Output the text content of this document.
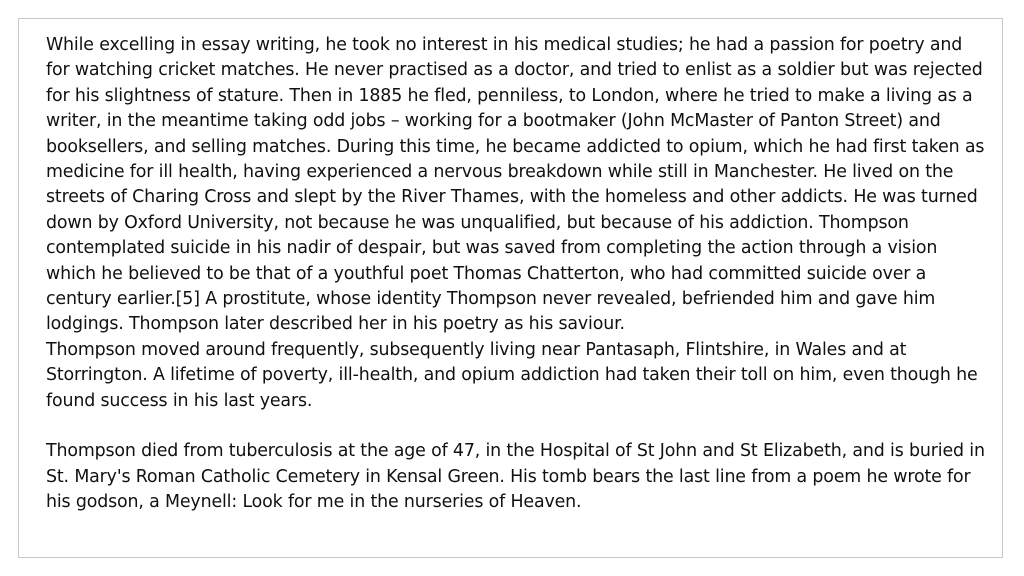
While excelling in essay writing, he took no interest in his medical studies; he had a passion for poetry and for watching cricket matches. He never practised as a doctor, and tried to enlist as a soldier but was rejected for his slightness of stature. Then in 1885 he fled, penniless, to London, where he tried to make a living as a writer, in the meantime taking odd jobs – working for a bootmaker (John McMaster of Panton Street) and booksellers, and selling matches. During this time, he became addicted to opium, which he had first taken as medicine for ill health, having experienced a nervous breakdown while still in Manchester. He lived on the streets of Charing Cross and slept by the River Thames, with the homeless and other addicts. He was turned down by Oxford University, not because he was unqualified, but because of his addiction. Thompson contemplated suicide in his nadir of despair, but was saved from completing the action through a vision which he believed to be that of a youthful poet Thomas Chatterton, who had committed suicide over a century earlier.[5] A prostitute, whose identity Thompson never revealed, befriended him and gave him lodgings. Thompson later described her in his poetry as his saviour.

Thompson moved around frequently, subsequently living near Pantasaph, Flintshire, in Wales and at Storrington. A lifetime of poverty, ill-health, and opium addiction had taken their toll on him, even though he found success in his last years.

Thompson died from tuberculosis at the age of 47, in the Hospital of St John and St Elizabeth, and is buried in St. Mary's Roman Catholic Cemetery in Kensal Green. His tomb bears the last line from a poem he wrote for his godson, a Meynell: Look for me in the nurseries of Heaven.
